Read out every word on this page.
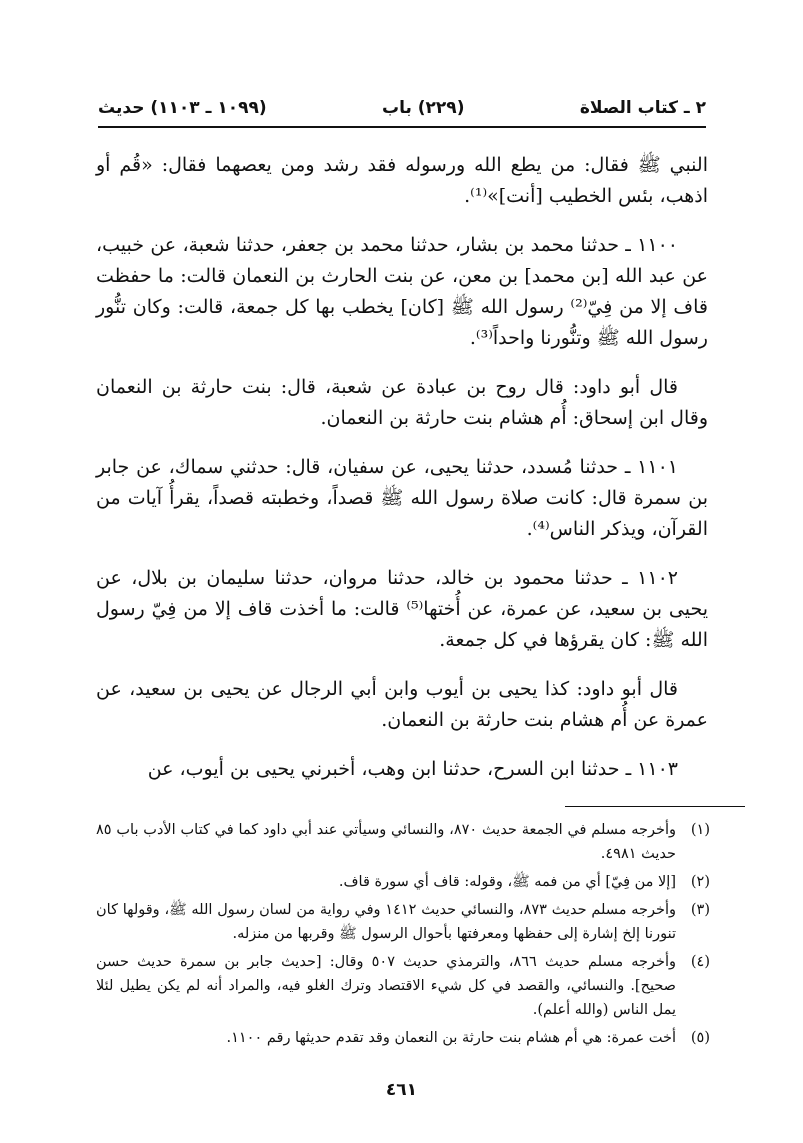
٢ ـ كتاب الصلاة
(٢٢٩) باب
(١٠٩٩ ـ ١١٠٣) حديث

النبي ﷺ فقال: من يطع الله ورسوله فقد رشد ومن يعصهما فقال: «قُم أو اذهب، بئس الخطيب [أنت]»⁽¹⁾.

١١٠٠ ـ حدثنا محمد بن بشار، حدثنا محمد بن جعفر، حدثنا شعبة، عن خبيب، عن عبد الله [بن محمد] بن معن، عن بنت الحارث بن النعمان قالت: ما حفظت قاف إلا من فِيّ⁽²⁾ رسول الله ﷺ [كان] يخطب بها كل جمعة، قالت: وكان تنُّور رسول الله ﷺ وتنُّورنا واحداً⁽³⁾.

قال أبو داود: قال روح بن عبادة عن شعبة، قال: بنت حارثة بن النعمان وقال ابن إسحاق: أُم هشام بنت حارثة بن النعمان.

١١٠١ ـ حدثنا مُسدد، حدثنا يحيى، عن سفيان، قال: حدثني سماك، عن جابر بن سمرة قال: كانت صلاة رسول الله ﷺ قصداً، وخطبته قصداً، يقرأُ آيات من القرآن، ويذكر الناس⁽⁴⁾.

١١٠٢ ـ حدثنا محمود بن خالد، حدثنا مروان، حدثنا سليمان بن بلال، عن يحيى بن سعيد، عن عمرة، عن أُختها⁽⁵⁾ قالت: ما أخذت قاف إلا من فِيّ رسول الله ﷺ: كان يقرؤها في كل جمعة.

قال أبو داود: كذا يحيى بن أيوب وابن أبي الرجال عن يحيى بن سعيد، عن عمرة عن أُم هشام بنت حارثة بن النعمان.

١١٠٣ ـ حدثنا ابن السرح، حدثنا ابن وهب، أخبرني يحيى بن أيوب، عن

(١)
وأخرجه مسلم في الجمعة حديث ٨٧٠، والنسائي وسيأتي عند أبي داود كما في كتاب الأدب باب ٨٥ حديث ٤٩٨١.
(٢)
[إلا من فِيّ] أي من فمه ﷺ، وقوله: قاف أي سورة قاف.
(٣)
وأخرجه مسلم حديث ٨٧٣، والنسائي حديث ١٤١٢ وفي رواية من لسان رسول الله ﷺ، وقولها كان تنورنا إلخ إشارة إلى حفظها ومعرفتها بأحوال الرسول ﷺ وقربها من منزله.
(٤)
وأخرجه مسلم حديث ٨٦٦، والترمذي حديث ٥٠٧ وقال: [حديث جابر بن سمرة حديث حسن صحيح]. والنسائي، والقصد في كل شيء الاقتصاد وترك الغلو فيه، والمراد أنه لم يكن يطيل لئلا يمل الناس (والله أعلم).
(٥)
أخت عمرة: هي أم هشام بنت حارثة بن النعمان وقد تقدم حديثها رقم ١١٠٠.
٤٦١
